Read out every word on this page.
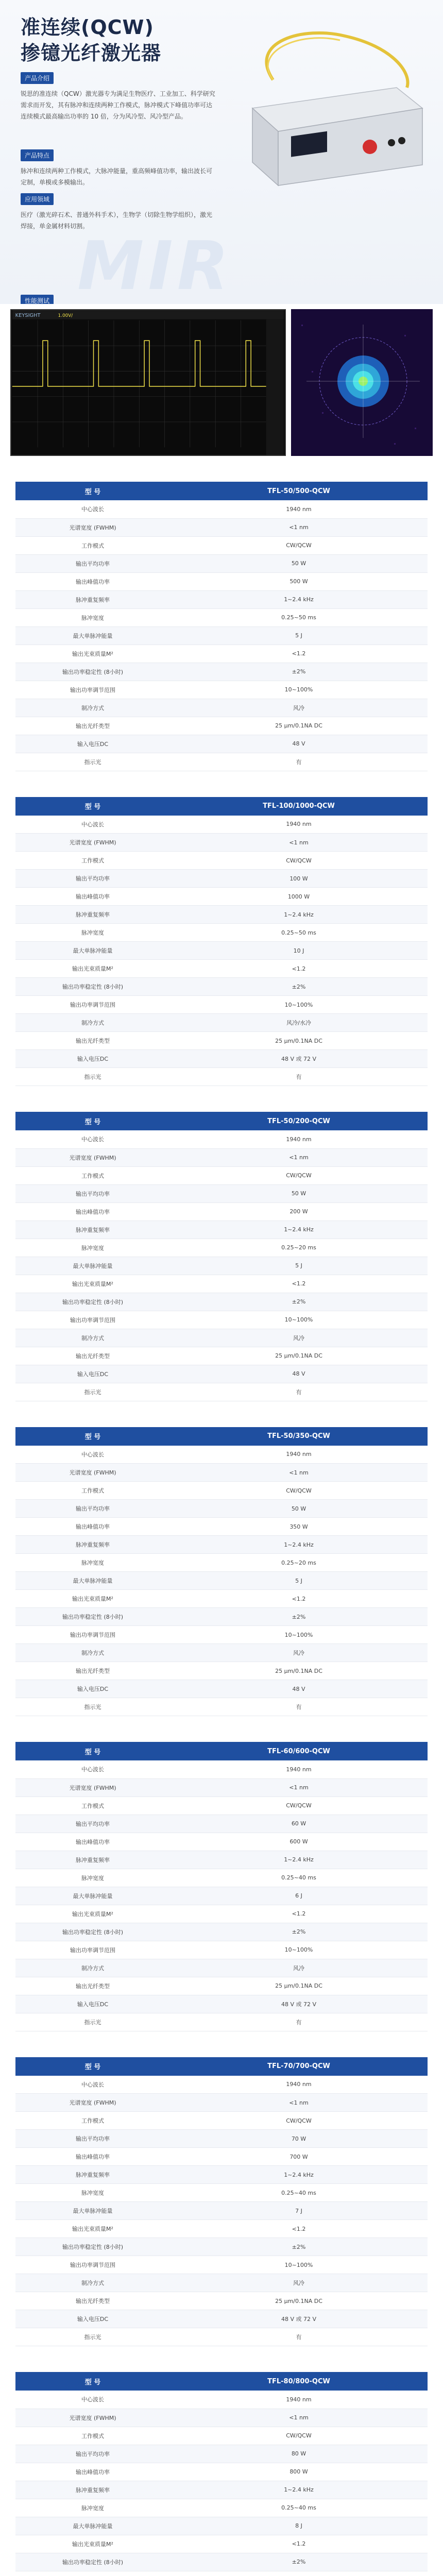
MIR
准连续(QCW)
掺镱光纤激光器
产品介绍

锐思的准连续（QCW）激光器专为满足生物医疗、工业加工、科学研究需求而开发，其有脉冲和连续两种工作模式，脉冲模式下峰值功率可达连续模式最高输出功率的 10 倍，分为风冷型、风冷型产品。

产品特点

脉冲和连续两种工作模式，大脉冲能量，重高频峰值功率，输出波长可定制，单模或多模输出。

应用领域

医疗（激光碎石术、普通外科手术），生物学（切除生物学组织），激光焊接，单金属材料切割。

性能测试
KEYSIGHT	1.00V/
型 号	TFL-50/500-QCW
中心波长	1940 nm
光谱宽度 (FWHM)	<1 nm
工作模式	CW/QCW
输出平均功率	50 W
输出峰值功率	500 W
脉冲重复频率	1~2.4 kHz
脉冲宽度	0.25~50 ms
最大单脉冲能量	5 J
输出光束质量M²	<1.2
输出功率稳定性 (8小时)	±2%
输出功率调节范围	10~100%
制冷方式	风冷
输出光纤类型	25 μm/0.1NA DC
输入电压DC	48 V
指示光	有
型 号	TFL-100/1000-QCW
中心波长	1940 nm
光谱宽度 (FWHM)	<1 nm
工作模式	CW/QCW
输出平均功率	100 W
输出峰值功率	1000 W
脉冲重复频率	1~2.4 kHz
脉冲宽度	0.25~50 ms
最大单脉冲能量	10 J
输出光束质量M²	<1.2
输出功率稳定性 (8小时)	±2%
输出功率调节范围	10~100%
制冷方式	风冷/水冷
输出光纤类型	25 μm/0.1NA DC
输入电压DC	48 V 或 72 V
指示光	有
型 号	TFL-50/200-QCW
中心波长	1940 nm
光谱宽度 (FWHM)	<1 nm
工作模式	CW/QCW
输出平均功率	50 W
输出峰值功率	200 W
脉冲重复频率	1~2.4 kHz
脉冲宽度	0.25~20 ms
最大单脉冲能量	5 J
输出光束质量M²	<1.2
输出功率稳定性 (8小时)	±2%
输出功率调节范围	10~100%
制冷方式	风冷
输出光纤类型	25 μm/0.1NA DC
输入电压DC	48 V
指示光	有
型 号	TFL-50/350-QCW
中心波长	1940 nm
光谱宽度 (FWHM)	<1 nm
工作模式	CW/QCW
输出平均功率	50 W
输出峰值功率	350 W
脉冲重复频率	1~2.4 kHz
脉冲宽度	0.25~20 ms
最大单脉冲能量	5 J
输出光束质量M²	<1.2
输出功率稳定性 (8小时)	±2%
输出功率调节范围	10~100%
制冷方式	风冷
输出光纤类型	25 μm/0.1NA DC
输入电压DC	48 V
指示光	有
型 号	TFL-60/600-QCW
中心波长	1940 nm
光谱宽度 (FWHM)	<1 nm
工作模式	CW/QCW
输出平均功率	60 W
输出峰值功率	600 W
脉冲重复频率	1~2.4 kHz
脉冲宽度	0.25~40 ms
最大单脉冲能量	6 J
输出光束质量M²	<1.2
输出功率稳定性 (8小时)	±2%
输出功率调节范围	10~100%
制冷方式	风冷
输出光纤类型	25 μm/0.1NA DC
输入电压DC	48 V 或 72 V
指示光	有
型 号	TFL-70/700-QCW
中心波长	1940 nm
光谱宽度 (FWHM)	<1 nm
工作模式	CW/QCW
输出平均功率	70 W
输出峰值功率	700 W
脉冲重复频率	1~2.4 kHz
脉冲宽度	0.25~40 ms
最大单脉冲能量	7 J
输出光束质量M²	<1.2
输出功率稳定性 (8小时)	±2%
输出功率调节范围	10~100%
制冷方式	风冷
输出光纤类型	25 μm/0.1NA DC
输入电压DC	48 V 或 72 V
指示光	有
型 号	TFL-80/800-QCW
中心波长	1940 nm
光谱宽度 (FWHM)	<1 nm
工作模式	CW/QCW
输出平均功率	80 W
输出峰值功率	800 W
脉冲重复频率	1~2.4 kHz
脉冲宽度	0.25~40 ms
最大单脉冲能量	8 J
输出光束质量M²	<1.2
输出功率稳定性 (8小时)	±2%
